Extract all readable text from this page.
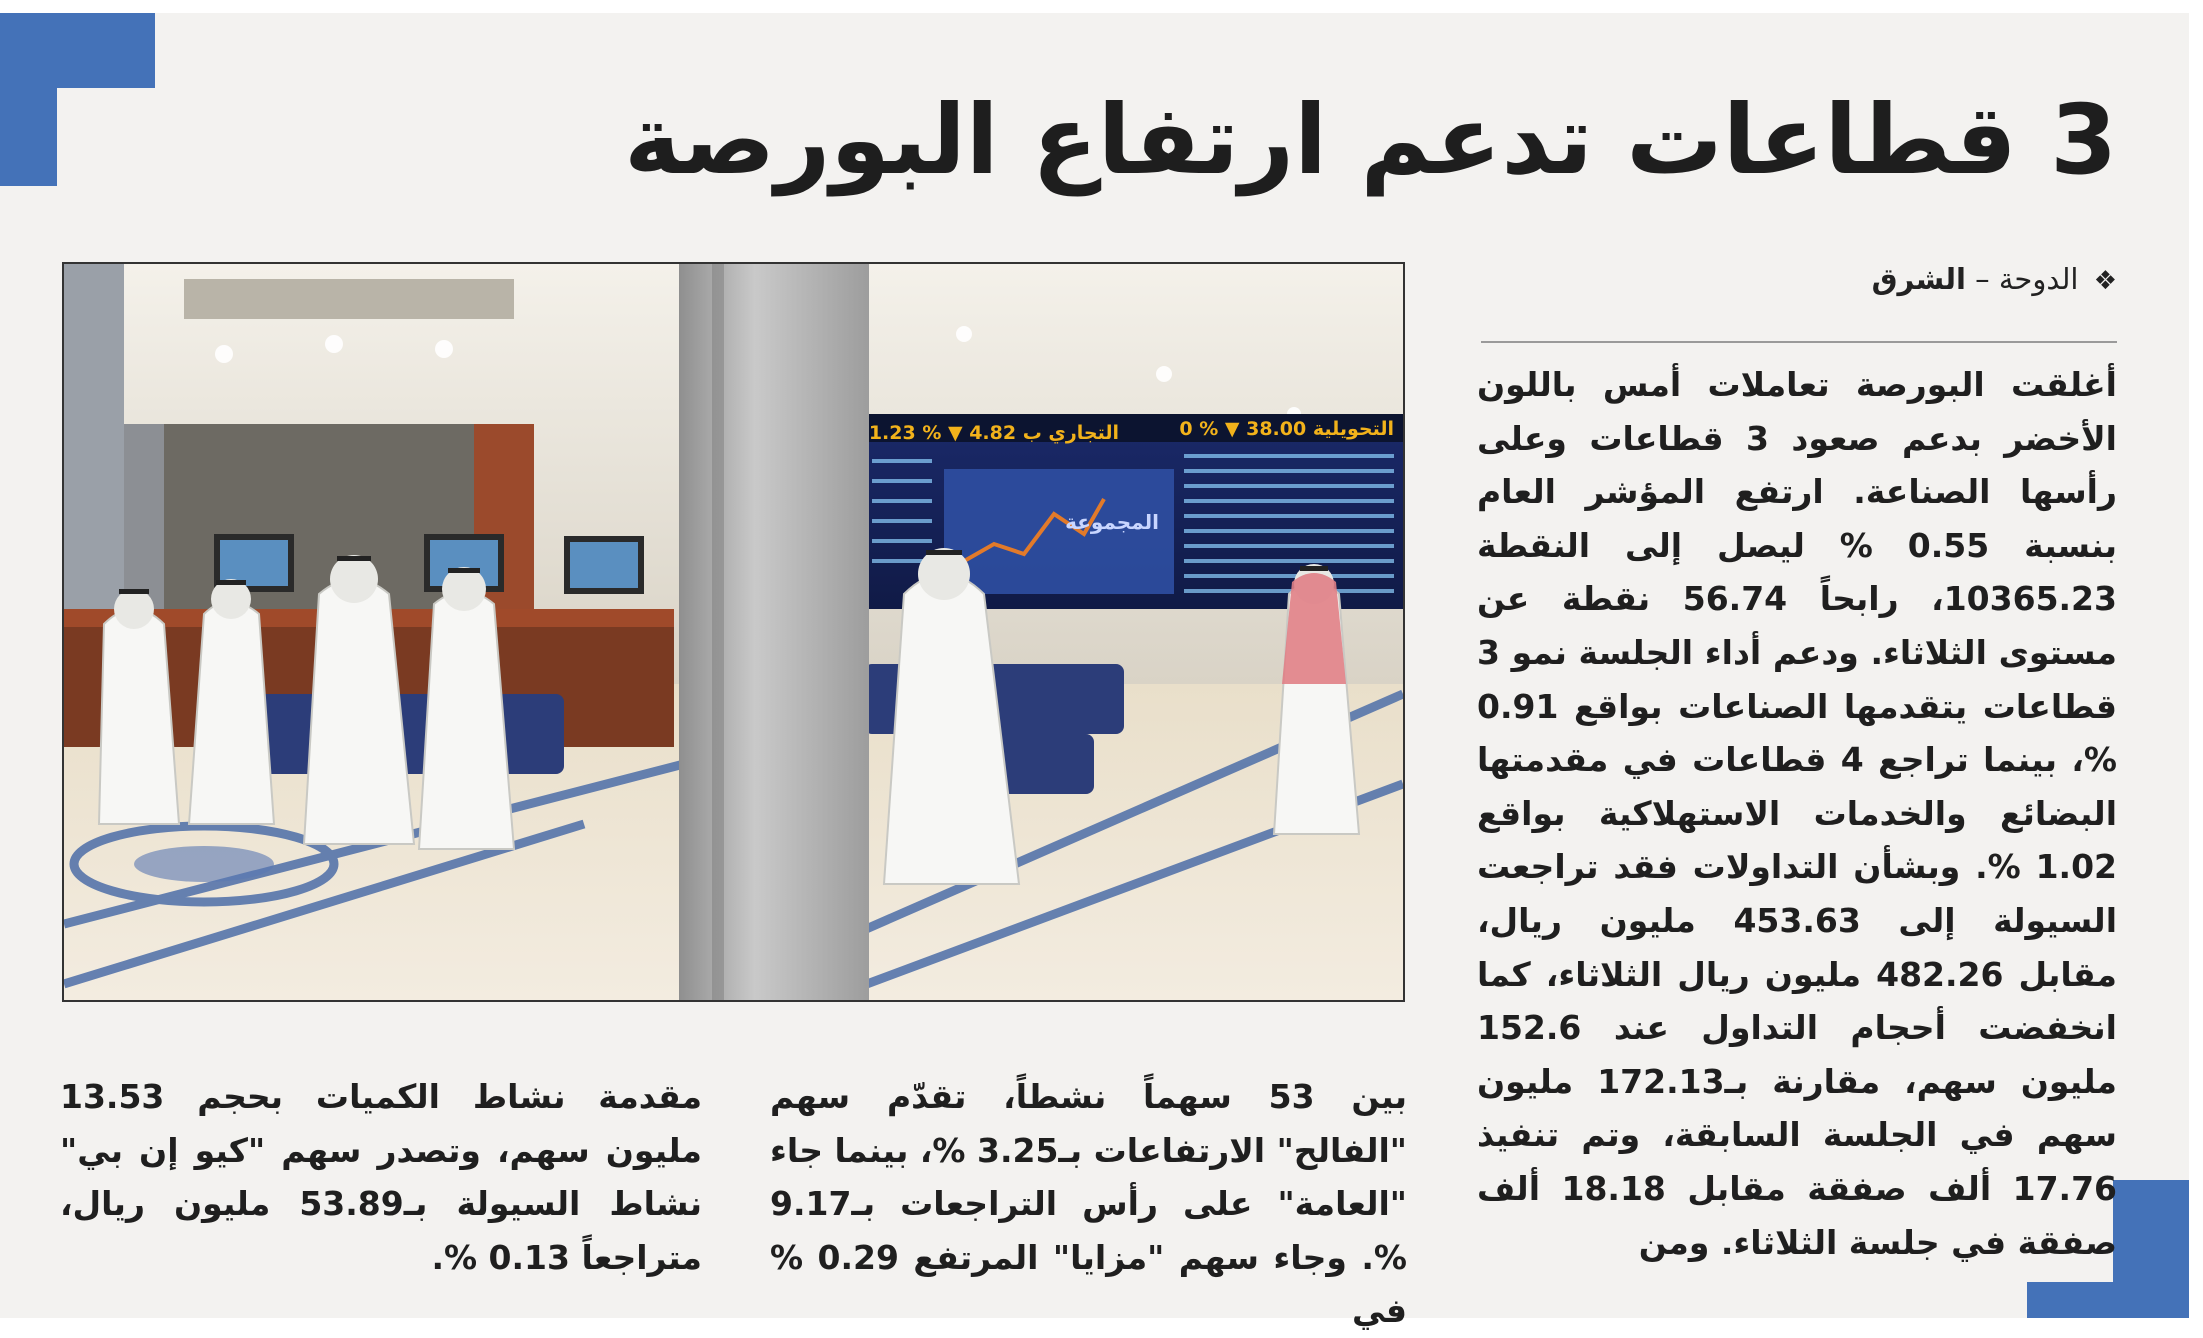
3 قطاعات تدعم ارتفاع البورصة
❖ الدوحة – الشرق
أغلقت البورصة تعاملات أمس باللون الأخضر بدعم صعود 3 قطاعات وعلى رأسها الصناعة. ارتفع المؤشر العام بنسبة 0.55 % ليصل إلى النقطة 10365.23، رابحاً 56.74 نقطة عن مستوى الثلاثاء. ودعم أداء الجلسة نمو 3 قطاعات يتقدمها الصناعات بواقع 0.91 %، بينما تراجع 4 قطاعات في مقدمتها البضائع والخدمات الاستهلاكية بواقع 1.02 %. وبشأن التداولات فقد تراجعت السيولة إلى 453.63 مليون ريال، مقابل 482.26 مليون ريال الثلاثاء، كما انخفضت أحجام التداول عند 152.6 مليون سهم، مقارنة بـ172.13 مليون سهم في الجلسة السابقة، وتم تنفيذ 17.76 ألف صفقة مقابل 18.18 ألف صفقة في جلسة الثلاثاء. ومن
بين 53 سهماً نشطاً، تقدّم سهم "الفالح" الارتفاعات بـ3.25 %، بينما جاء "العامة" على رأس التراجعات بـ9.17 %. وجاء سهم "مزايا" المرتفع 0.29 % في
مقدمة نشاط الكميات بحجم 13.53 مليون سهم، وتصدر سهم "كيو إن بي" نشاط السيولة بـ53.89 مليون ريال، متراجعاً 0.13 %.
التحويلية 38.00 ▼ % 0
التجاري ب 4.82 ▼ % 1.23
المجموعة
